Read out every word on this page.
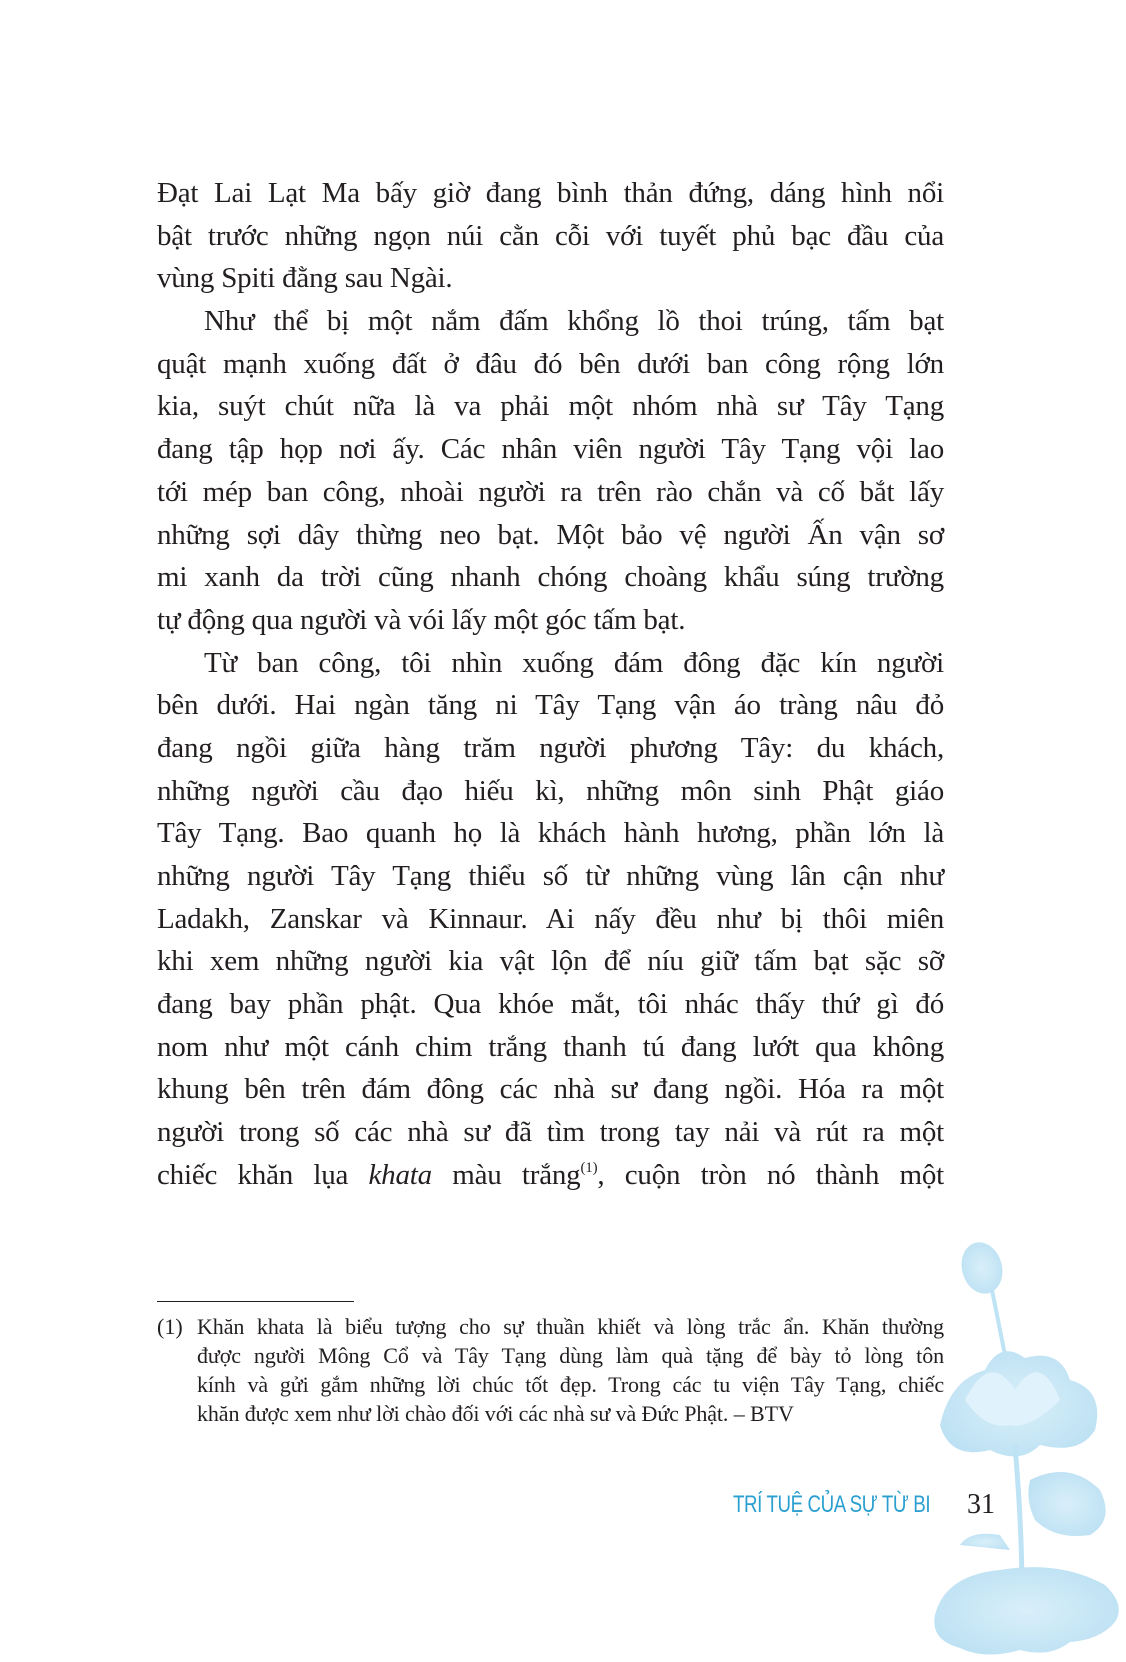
Đạt Lai Lạt Ma bấy giờ đang bình thản đứng, dáng hình nổi
bật trước những ngọn núi cằn cỗi với tuyết phủ bạc đầu của
vùng Spiti đằng sau Ngài.
Như thể bị một nắm đấm khổng lồ thoi trúng, tấm bạt
quật mạnh xuống đất ở đâu đó bên dưới ban công rộng lớn
kia, suýt chút nữa là va phải một nhóm nhà sư Tây Tạng
đang tập họp nơi ấy. Các nhân viên người Tây Tạng vội lao
tới mép ban công, nhoài người ra trên rào chắn và cố bắt lấy
những sợi dây thừng neo bạt. Một bảo vệ người Ấn vận sơ
mi xanh da trời cũng nhanh chóng choàng khẩu súng trường
tự động qua người và vói lấy một góc tấm bạt.
Từ ban công, tôi nhìn xuống đám đông đặc kín người
bên dưới. Hai ngàn tăng ni Tây Tạng vận áo tràng nâu đỏ
đang ngồi giữa hàng trăm người phương Tây: du khách,
những người cầu đạo hiếu kì, những môn sinh Phật giáo
Tây Tạng. Bao quanh họ là khách hành hương, phần lớn là
những người Tây Tạng thiểu số từ những vùng lân cận như
Ladakh, Zanskar và Kinnaur. Ai nấy đều như bị thôi miên
khi xem những người kia vật lộn để níu giữ tấm bạt sặc sỡ
đang bay phần phật. Qua khóe mắt, tôi nhác thấy thứ gì đó
nom như một cánh chim trắng thanh tú đang lướt qua không
khung bên trên đám đông các nhà sư đang ngồi. Hóa ra một
người trong số các nhà sư đã tìm trong tay nải và rút ra một
chiếc khăn lụa khata màu trắng$^{(1)}$, cuộn tròn nó thành một
(1) Khăn khata là biểu tượng cho sự thuần khiết và lòng trắc ẩn. Khăn thường
được người Mông Cổ và Tây Tạng dùng làm quà tặng để bày tỏ lòng tôn
kính và gửi gắm những lời chúc tốt đẹp. Trong các tu viện Tây Tạng, chiếc
khăn được xem như lời chào đối với các nhà sư và Đức Phật. – BTV
TRÍ TUỆ CỦA SỰ TỪ BI 31
